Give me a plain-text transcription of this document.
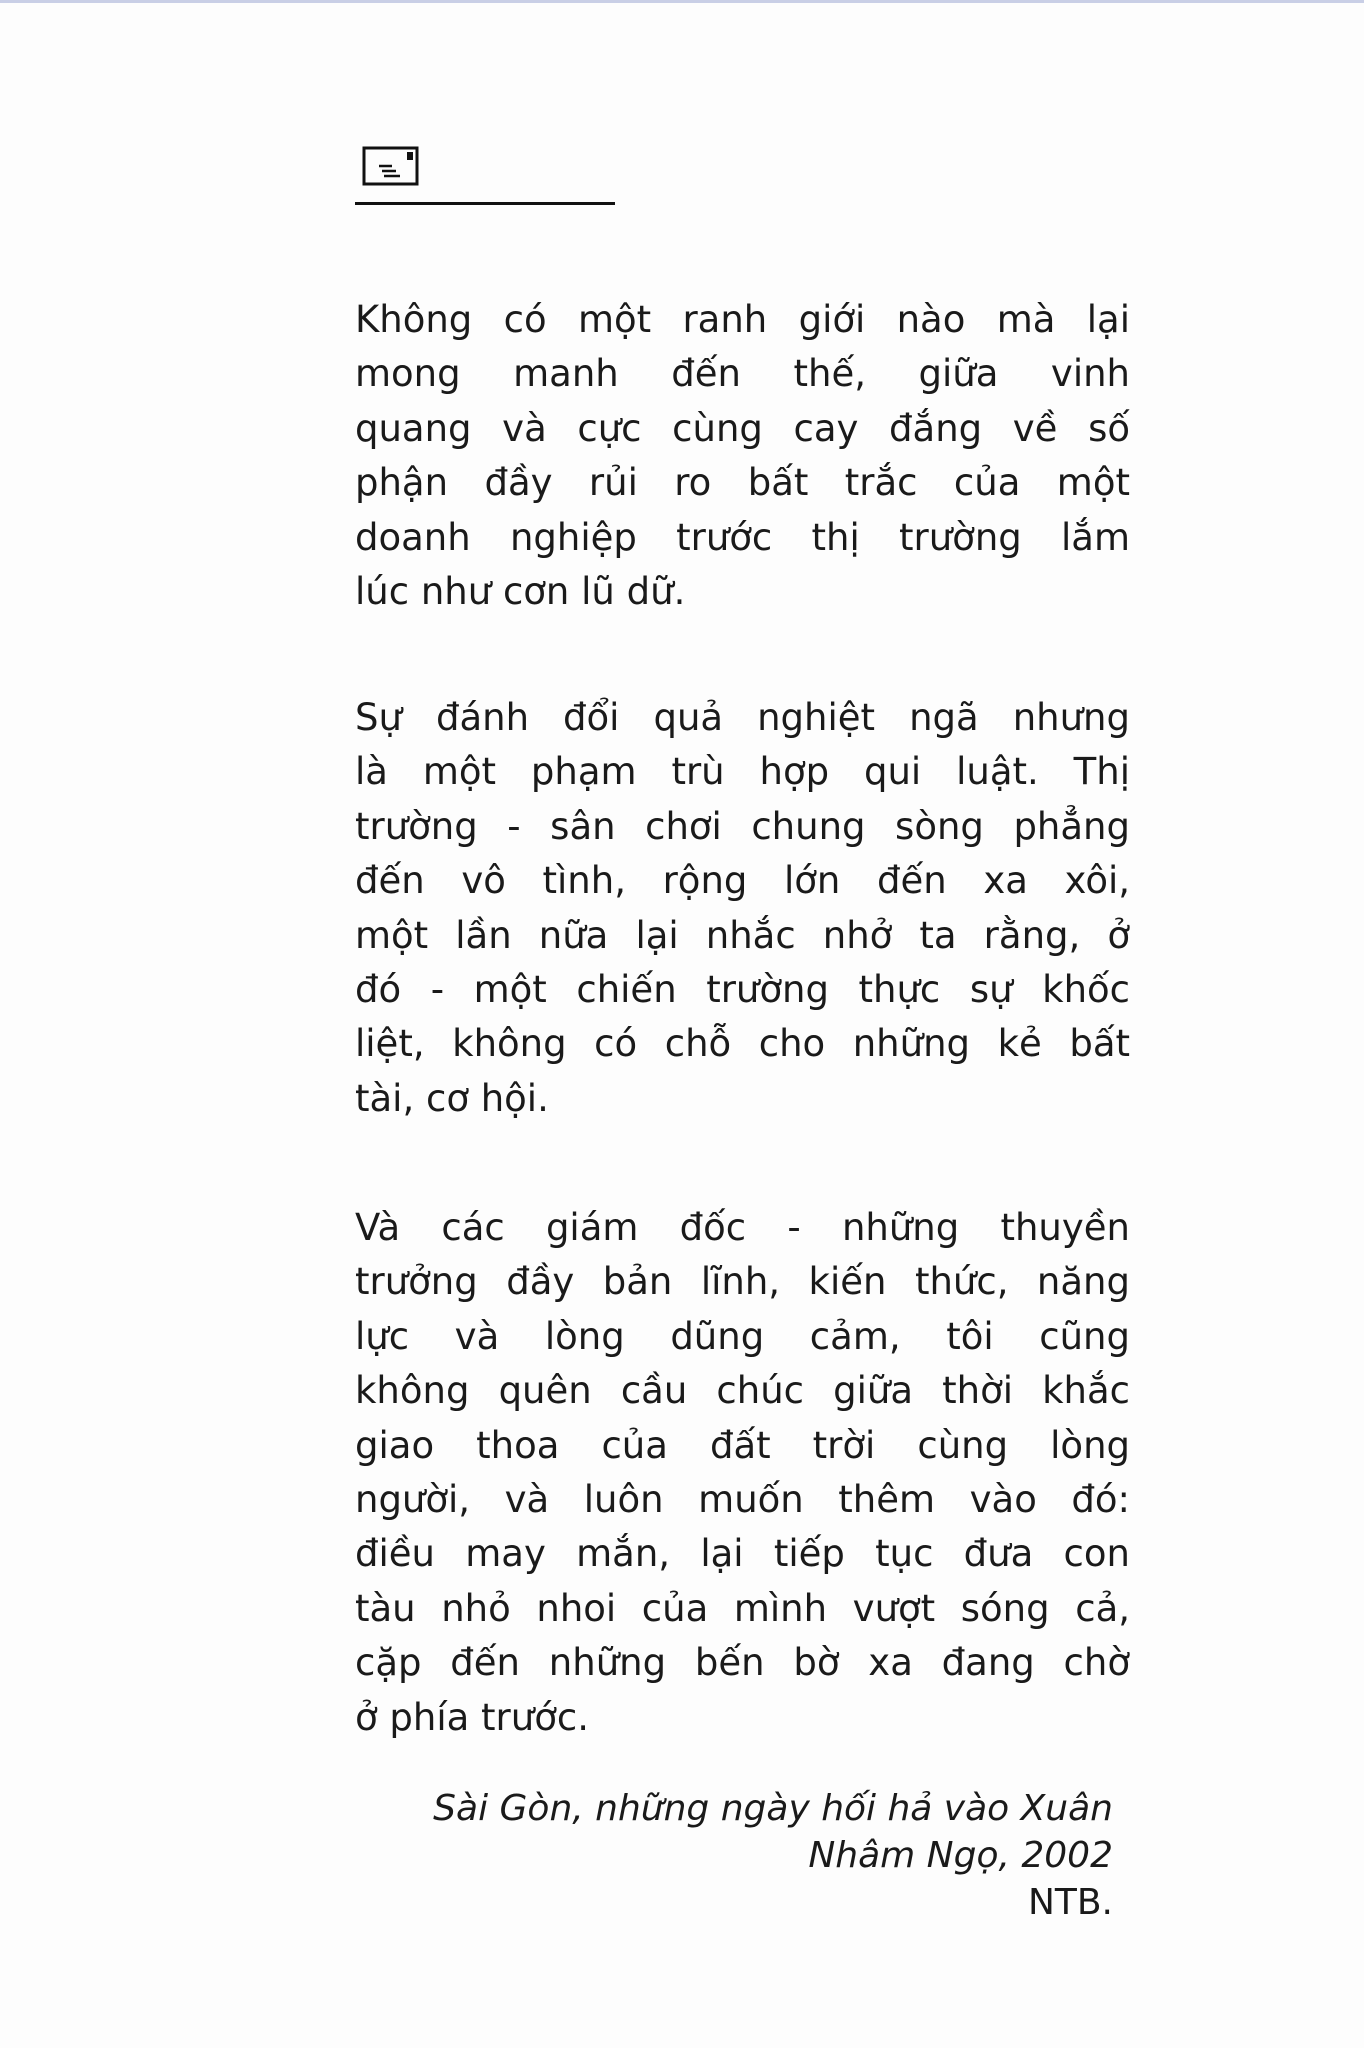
Không có một ranh giới nào mà lại
mong manh đến thế, giữa vinh
quang và cực cùng cay đắng về số
phận đầy rủi ro bất trắc của một
doanh nghiệp trước thị trường lắm
lúc như cơn lũ dữ.
Sự đánh đổi quả nghiệt ngã nhưng
là một phạm trù hợp qui luật. Thị
trường - sân chơi chung sòng phẳng
đến vô tình, rộng lớn đến xa xôi,
một lần nữa lại nhắc nhở ta rằng, ở
đó - một chiến trường thực sự khốc
liệt, không có chỗ cho những kẻ bất
tài, cơ hội.
Và các giám đốc - những thuyền
trưởng đầy bản lĩnh, kiến thức, năng
lực và lòng dũng cảm, tôi cũng
không quên cầu chúc giữa thời khắc
giao thoa của đất trời cùng lòng
người, và luôn muốn thêm vào đó:
điều may mắn, lại tiếp tục đưa con
tàu nhỏ nhoi của mình vượt sóng cả,
cặp đến những bến bờ xa đang chờ
ở phía trước.
Sài Gòn, những ngày hối hả vào Xuân
Nhâm Ngọ, 2002
NTB.
